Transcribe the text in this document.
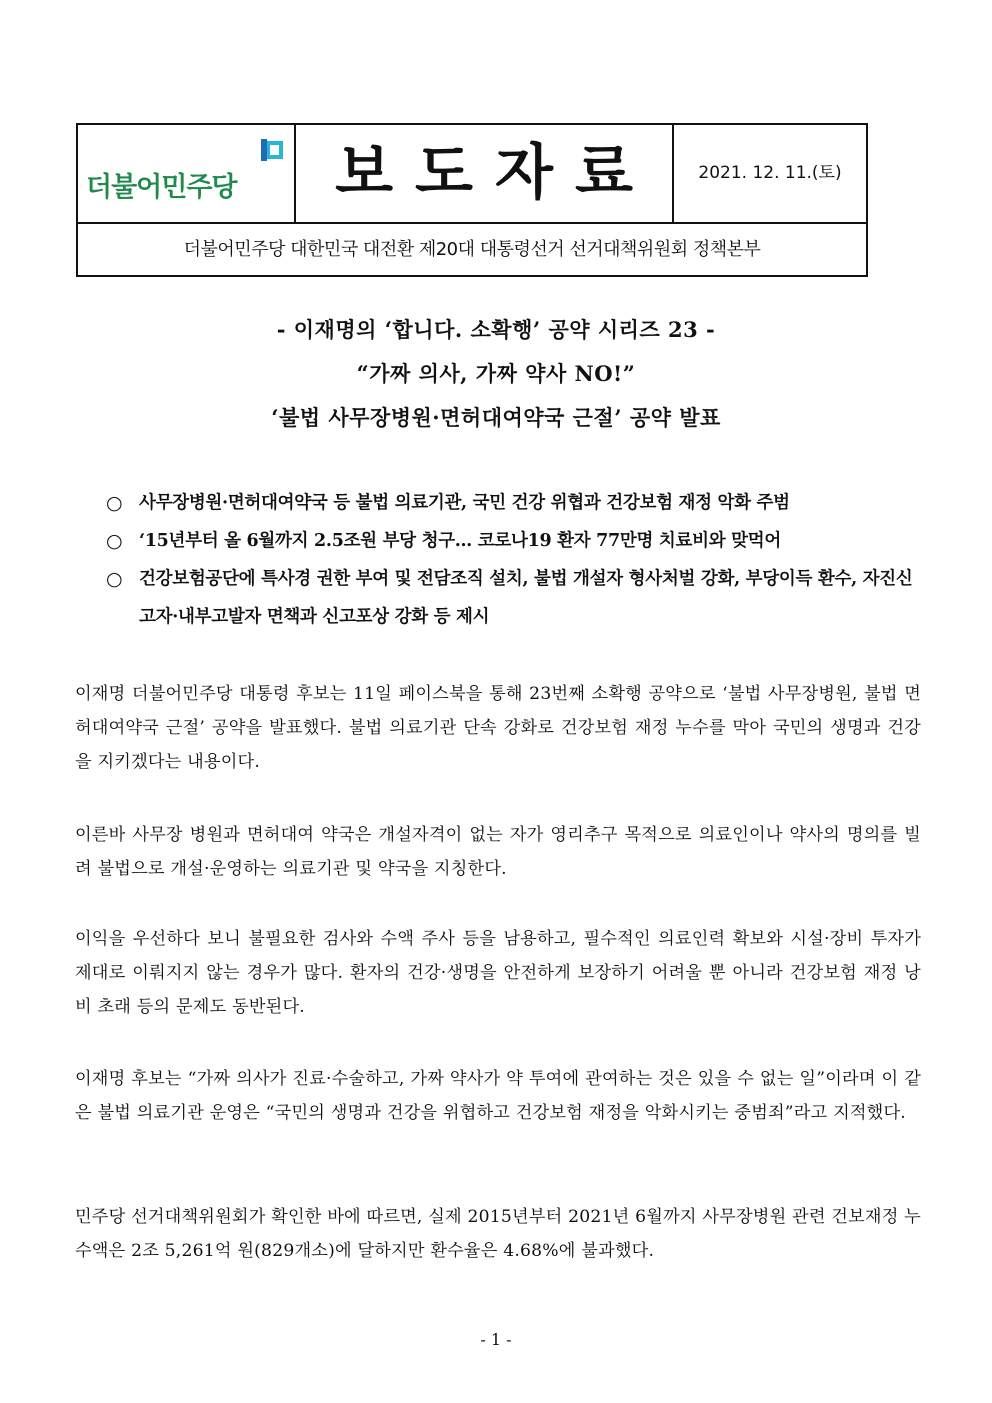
더불어민주당	보도자료	2021. 12. 11.(토)
더불어민주당 대한민국 대전환 제20대 대통령선거 선거대책위원회 정책본부
- 이재명의 ‘합니다. 소확행’ 공약 시리즈 23 -
“가짜 의사, 가짜 약사 NO!”
‘불법 사무장병원·면허대여약국 근절’ 공약 발표
○ 사무장병원·면허대여약국 등 불법 의료기관, 국민 건강 위협과 건강보험 재정 악화 주범
○ ‘15년부터 올 6월까지 2.5조원 부당 청구… 코로나19 환자 77만명 치료비와 맞먹어
○ 건강보험공단에 특사경 권한 부여 및 전담조직 설치, 불법 개설자 형사처벌 강화, 부당이득 환수, 자진신고자·내부고발자 면책과 신고포상 강화 등 제시
이재명 더불어민주당 대통령 후보는 11일 페이스북을 통해 23번째 소확행 공약으로 ‘불법 사무장병원, 불법 면허대여약국 근절’ 공약을 발표했다. 불법 의료기관 단속 강화로 건강보험 재정 누수를 막아 국민의 생명과 건강을 지키겠다는 내용이다.
이른바 사무장 병원과 면허대여 약국은 개설자격이 없는 자가 영리추구 목적으로 의료인이나 약사의 명의를 빌려 불법으로 개설·운영하는 의료기관 및 약국을 지칭한다.
이익을 우선하다 보니 불필요한 검사와 수액 주사 등을 남용하고, 필수적인 의료인력 확보와 시설·장비 투자가 제대로 이뤄지지 않는 경우가 많다. 환자의 건강·생명을 안전하게 보장하기 어려울 뿐 아니라 건강보험 재정 낭비 초래 등의 문제도 동반된다.
이재명 후보는 “가짜 의사가 진료·수술하고, 가짜 약사가 약 투여에 관여하는 것은 있을 수 없는 일”이라며 이 같은 불법 의료기관 운영은 “국민의 생명과 건강을 위협하고 건강보험 재정을 악화시키는 중범죄”라고 지적했다.
민주당 선거대책위원회가 확인한 바에 따르면, 실제 2015년부터 2021년 6월까지 사무장병원 관련 건보재정 누수액은 2조 5,261억 원(829개소)에 달하지만 환수율은 4.68%에 불과했다.
- 1 -
